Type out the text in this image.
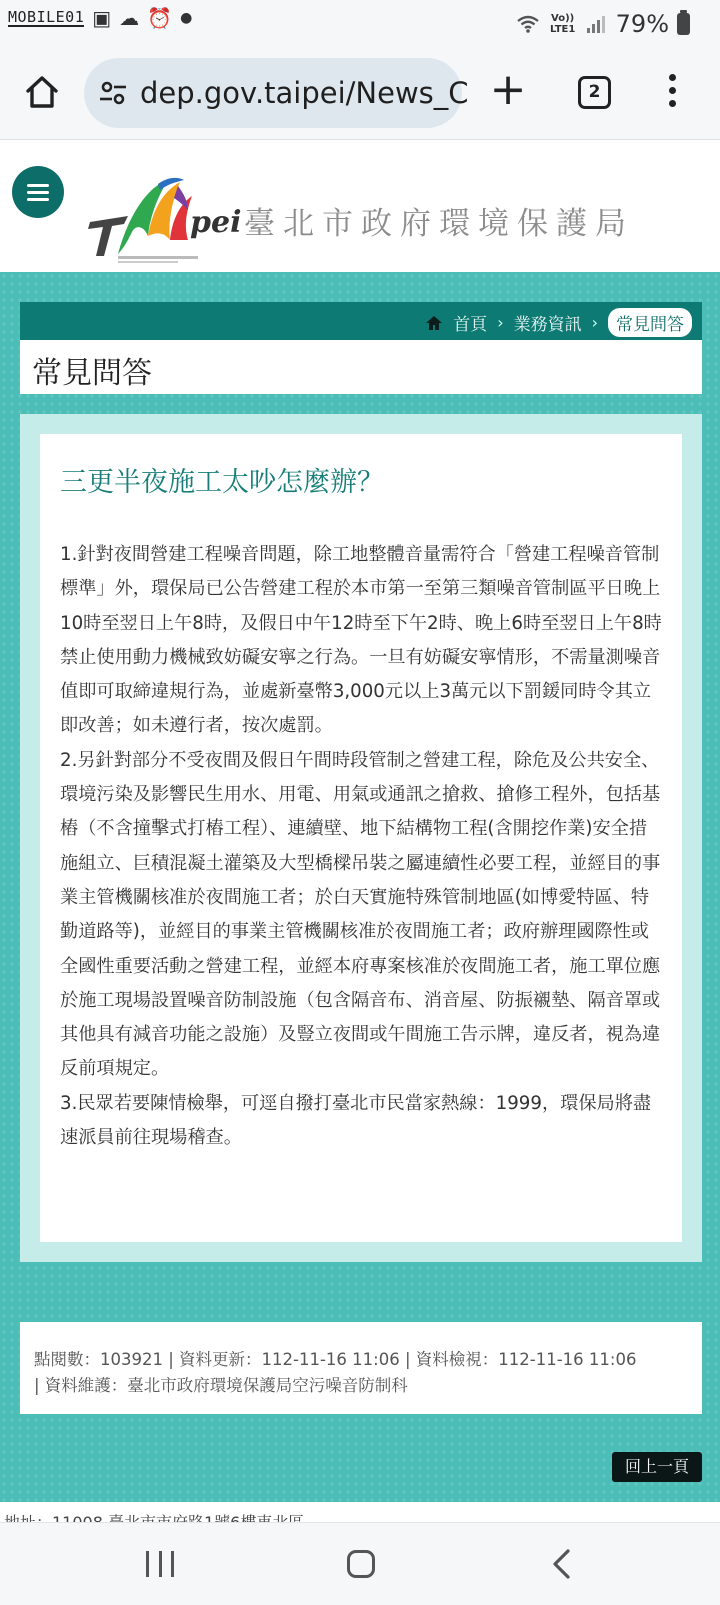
MOBILE01 ▣ ☁ ⏰ ●	Vo)) LTE1 79%
dep.gov.taipei/News_C +	2
pei 臺北市政府環境保護局
首頁 › 業務資訊 ›	常見問答
常見問答
三更半夜施工太吵怎麼辦？

1.針對夜間營建工程噪音問題，除工地整體音量需符合「營建工程噪音管制標準」外，環保局已公告營建工程於本市第一至第三類噪音管制區平日晚上10時至翌日上午8時，及假日中午12時至下午2時、晚上6時至翌日上午8時禁止使用動力機械致妨礙安寧之行為。一旦有妨礙安寧情形，不需量測噪音值即可取締違規行為，並處新臺幣3,000元以上3萬元以下罰鍰同時令其立即改善；如未遵行者，按次處罰。

2.另針對部分不受夜間及假日午間時段管制之營建工程，除危及公共安全、環境污染及影響民生用水、用電、用氣或通訊之搶救、搶修工程外，包括基樁（不含撞擊式打樁工程）、連續壁、地下結構物工程(含開挖作業)安全措施組立、巨積混凝土灌築及大型橋樑吊裝之屬連續性必要工程，並經目的事業主管機關核准於夜間施工者；於白天實施特殊管制地區(如博愛特區、特勤道路等)，並經目的事業主管機關核准於夜間施工者；政府辦理國際性或全國性重要活動之營建工程，並經本府專案核准於夜間施工者，施工單位應於施工現場設置噪音防制設施（包含隔音布、消音屋、防振襯墊、隔音罩或其他具有減音功能之設施）及豎立夜間或午間施工告示牌，違反者，視為違反前項規定。

3.民眾若要陳情檢舉，可逕自撥打臺北市民當家熱線：1999，環保局將盡速派員前往現場稽查。

點閱數：103921 | 資料更新：112-11-16 11:06 | 資料檢視：112-11-16 11:06
| 資料維護：臺北市政府環境保護局空污噪音防制科
回上一頁
